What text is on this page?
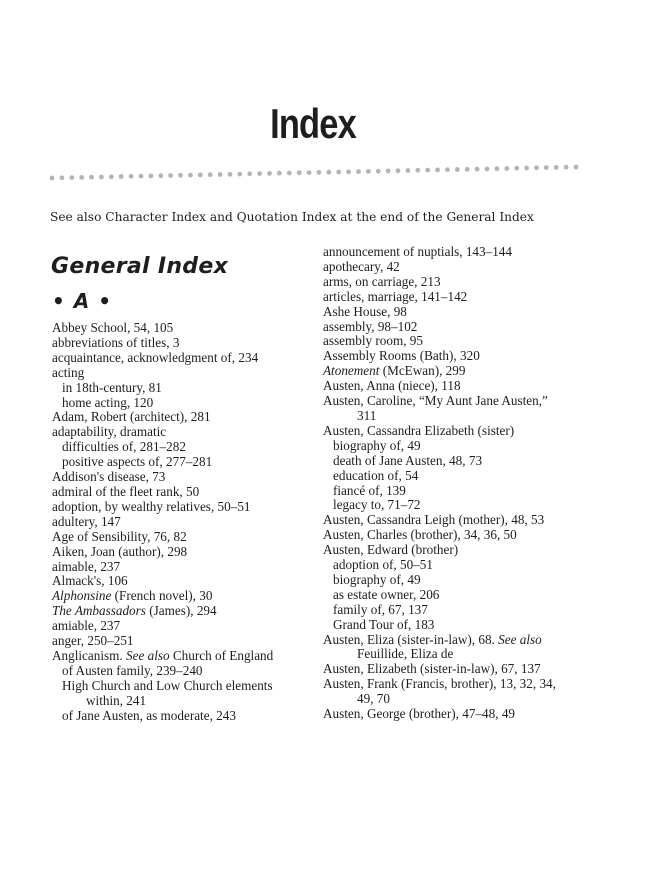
Index
See also Character Index and Quotation Index at the end of the General Index
General Index
• A •
Abbey School, 54, 105
abbreviations of titles, 3
acquaintance, acknowledgment of, 234
acting
in 18th-century, 81
home acting, 120
Adam, Robert (architect), 281
adaptability, dramatic
difficulties of, 281–282
positive aspects of, 277–281
Addison's disease, 73
admiral of the fleet rank, 50
adoption, by wealthy relatives, 50–51
adultery, 147
Age of Sensibility, 76, 82
Aiken, Joan (author), 298
aimable, 237
Almack's, 106
Alphonsine (French novel), 30
The Ambassadors (James), 294
amiable, 237
anger, 250–251
Anglicanism. See also Church of England
of Austen family, 239–240
High Church and Low Church elements
within, 241
of Jane Austen, as moderate, 243
announcement of nuptials, 143–144
apothecary, 42
arms, on carriage, 213
articles, marriage, 141–142
Ashe House, 98
assembly, 98–102
assembly room, 95
Assembly Rooms (Bath), 320
Atonement (McEwan), 299
Austen, Anna (niece), 118
Austen, Caroline, “My Aunt Jane Austen,”
311
Austen, Cassandra Elizabeth (sister)
biography of, 49
death of Jane Austen, 48, 73
education of, 54
fiancé of, 139
legacy to, 71–72
Austen, Cassandra Leigh (mother), 48, 53
Austen, Charles (brother), 34, 36, 50
Austen, Edward (brother)
adoption of, 50–51
biography of, 49
as estate owner, 206
family of, 67, 137
Grand Tour of, 183
Austen, Eliza (sister-in-law), 68. See also
Feuillide, Eliza de
Austen, Elizabeth (sister-in-law), 67, 137
Austen, Frank (Francis, brother), 13, 32, 34,
49, 70
Austen, George (brother), 47–48, 49
